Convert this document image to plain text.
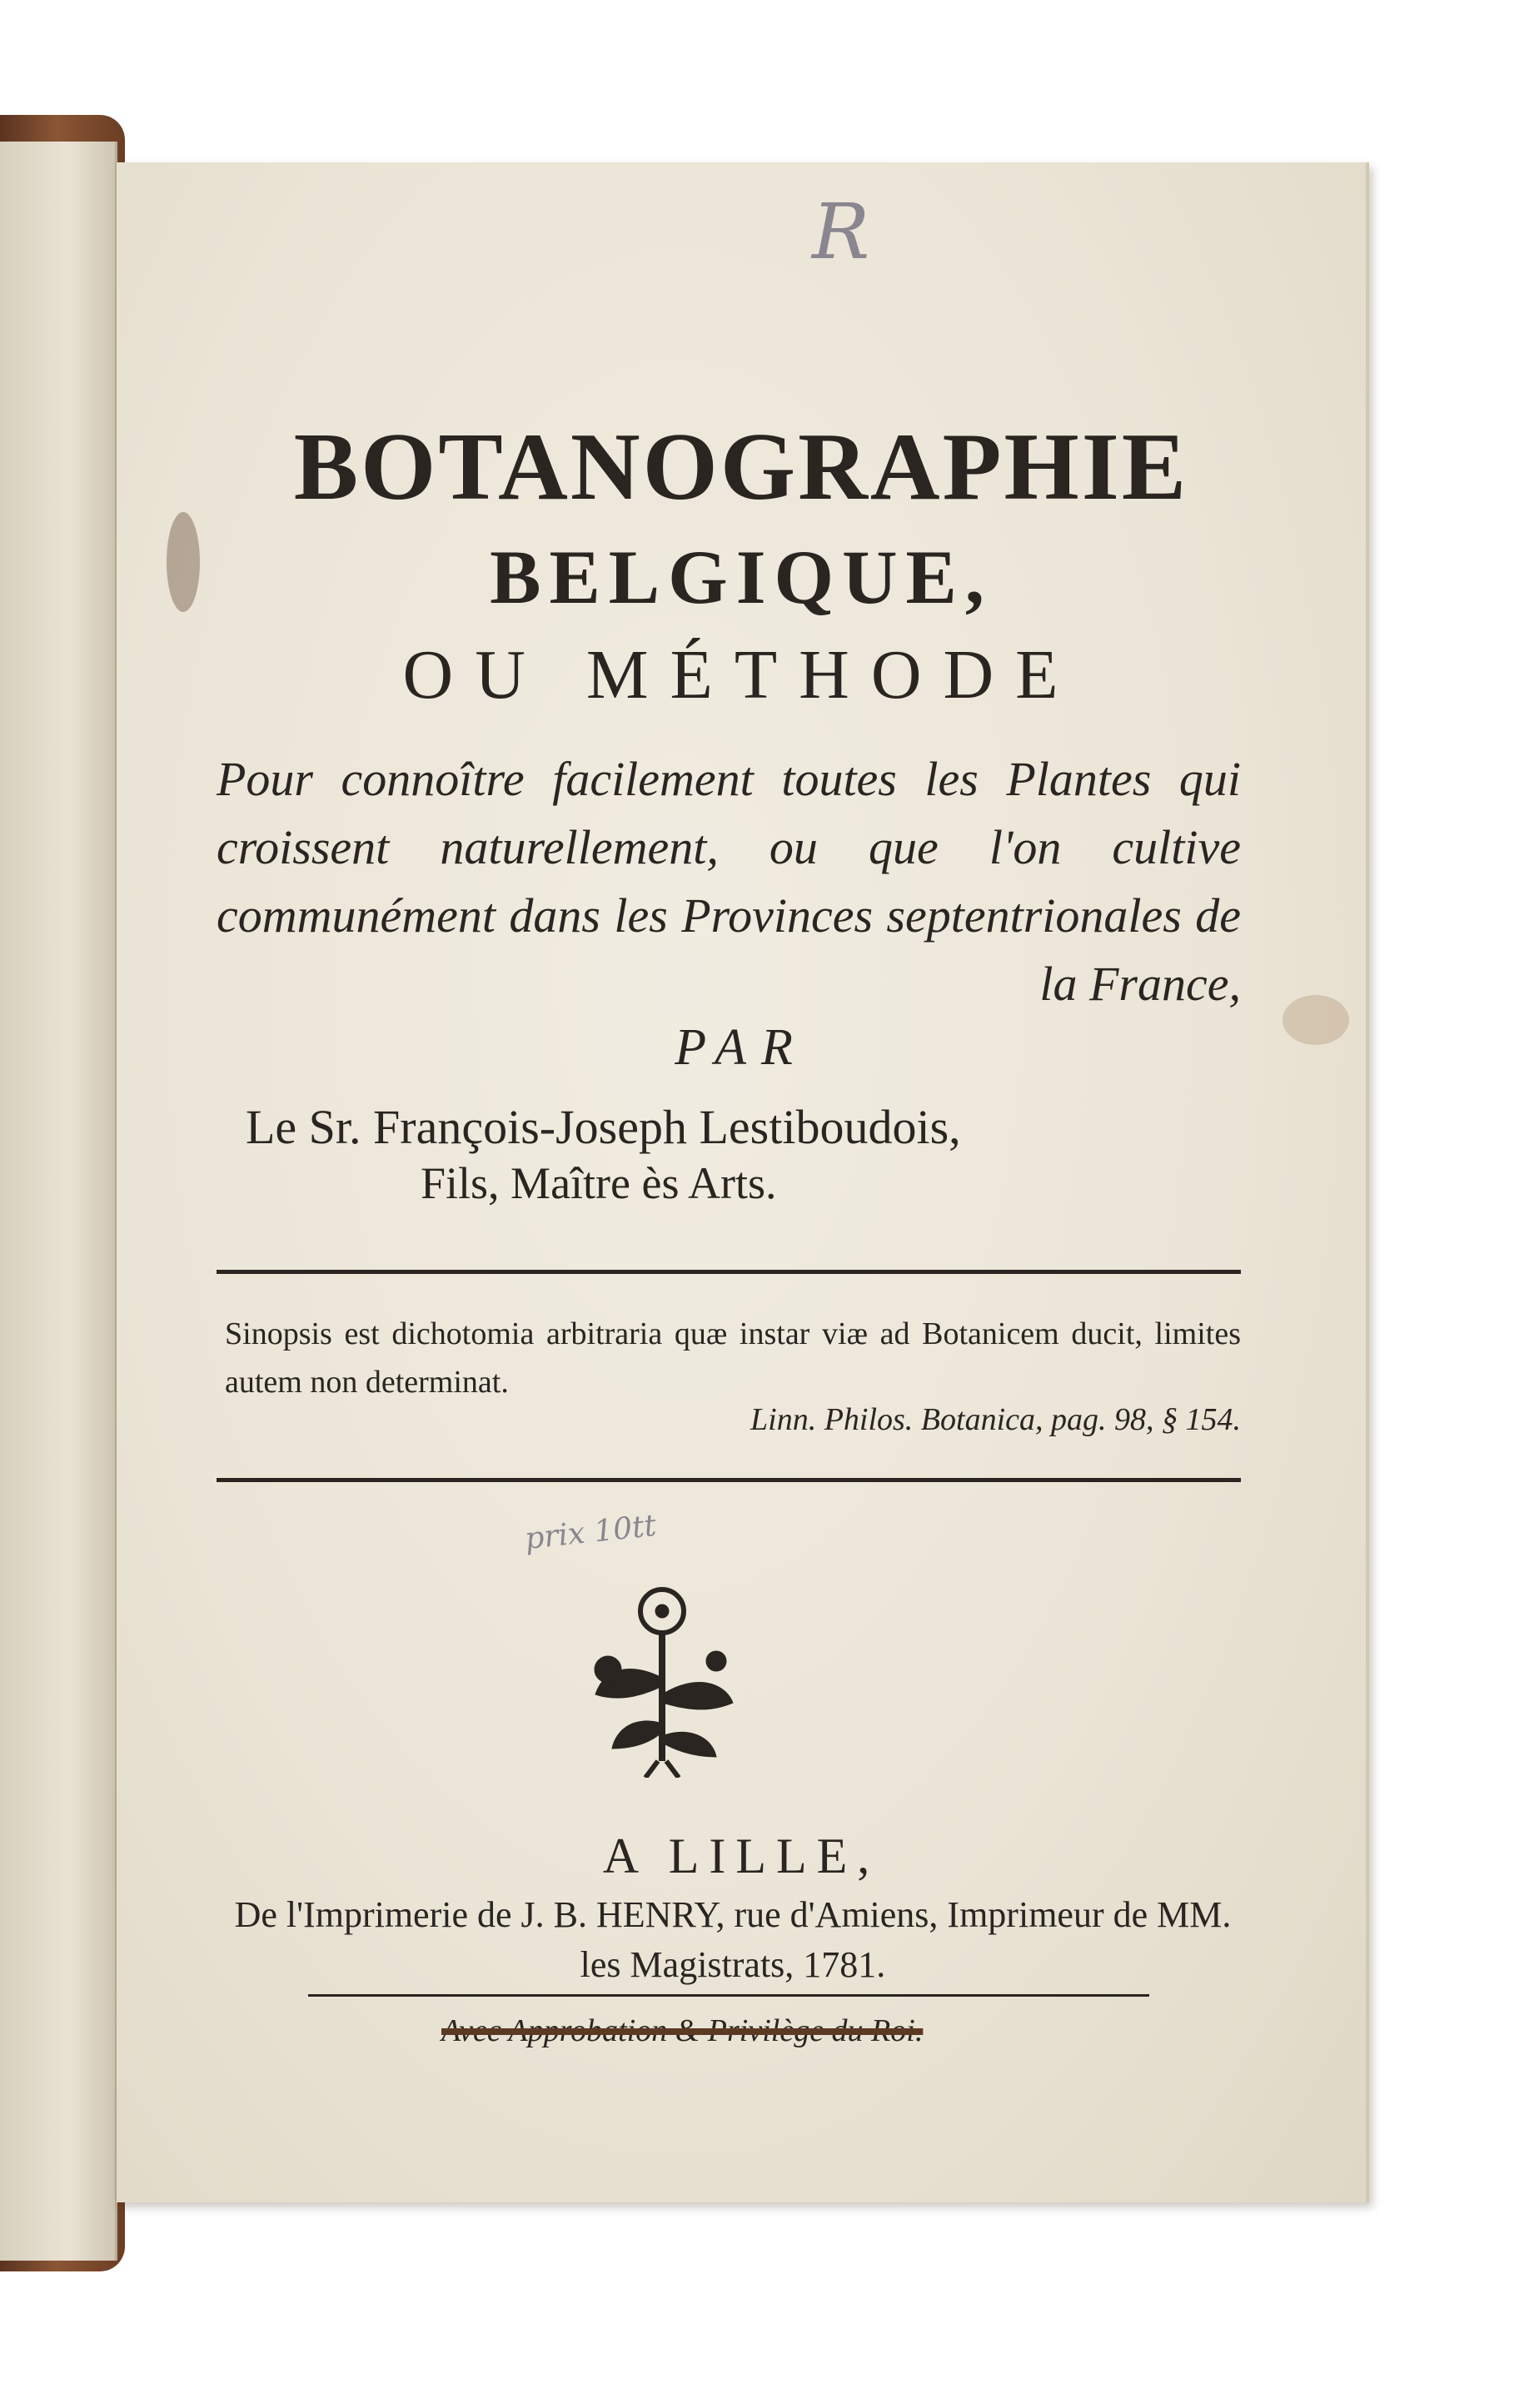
R
BOTANOGRAPHIE
BELGIQUE,
OU MÉTHODE
Pour connoître facilement toutes les Plantes qui croissent naturellement, ou que l'on cultive communément dans les Provinces septentrionales de la France,
PAR
Le Sr. François-Joseph Lestiboudois,
Fils, Maître ès Arts.
Sinopsis est dichotomia arbitraria quæ instar viæ ad Botanicem ducit, limites autem non determinat.
Linn. Philos. Botanica, pag. 98, § 154.
prix 10tt
A LILLE,
De l'Imprimerie de J. B. HENRY, rue d'Amiens, Imprimeur de MM. les Magistrats, 1781.
Avec Approbation & Privilège du Roi.
